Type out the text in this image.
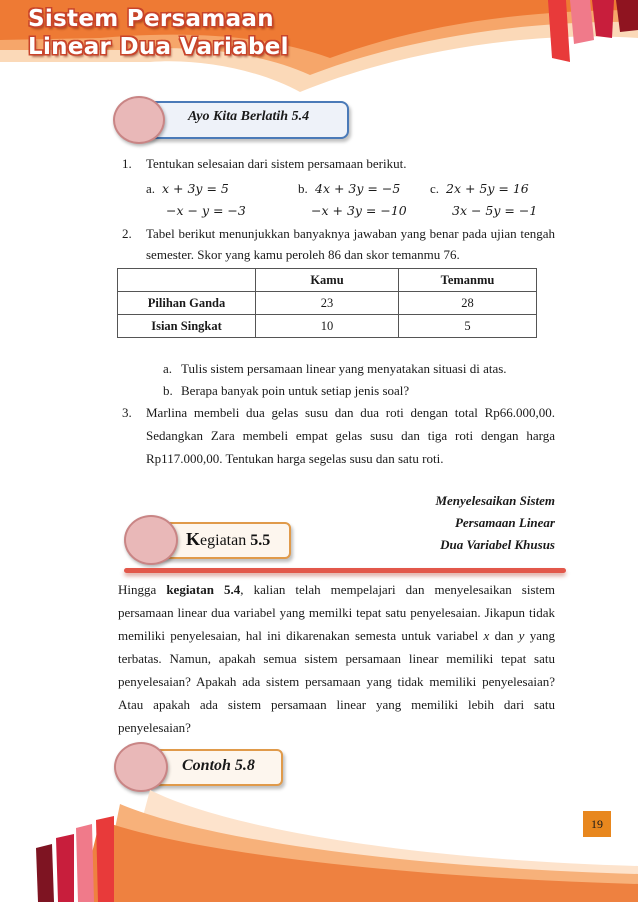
Sistem Persamaan
Linear Dua Variabel
Ayo Kita Berlatih 5.4
1. Tentukan selesaian dari sistem persamaan berikut.
a. 𝑥 + 3𝑦 = 5
−𝑥 − 𝑦 = −3
b. 4𝑥 + 3𝑦 = −5
−𝑥 + 3𝑦 = −10
c. 2𝑥 + 5𝑦 = 16
3𝑥 − 5𝑦 = −1
2. Tabel berikut menunjukkan banyaknya jawaban yang benar pada ujian tengah
semester. Skor yang kamu peroleh 86 dan skor temanmu 76.
	Kamu	Temanmu
Pilihan Ganda	23	28
Isian Singkat	10	5
a. Tulis sistem persamaan linear yang menyatakan situasi di atas.
b. Berapa banyak poin untuk setiap jenis soal?
3. Marlina membeli dua gelas susu dan dua roti dengan total Rp66.000,00.
Sedangkan Zara membeli empat gelas susu dan tiga roti dengan harga
Rp117.000,00. Tentukan harga segelas susu dan satu roti.
Menyelesaikan Sistem
Persamaan Linear
Dua Variabel Khusus
Kegiatan 5.5
Hingga kegiatan 5.4, kalian telah mempelajari dan menyelesaikan sistem
persamaan linear dua variabel yang memilki tepat satu penyelesaian. Jikapun tidak
memiliki penyelesaian, hal ini dikarenakan semesta untuk variabel x dan y yang
terbatas. Namun, apakah semua sistem persamaan linear memiliki tepat satu
penyelesaian? Apakah ada sistem persamaan yang tidak memiliki penyelesaian?
Atau apakah ada sistem persamaan linear yang memiliki lebih dari satu
penyelesaian?
Contoh 5.8
19
